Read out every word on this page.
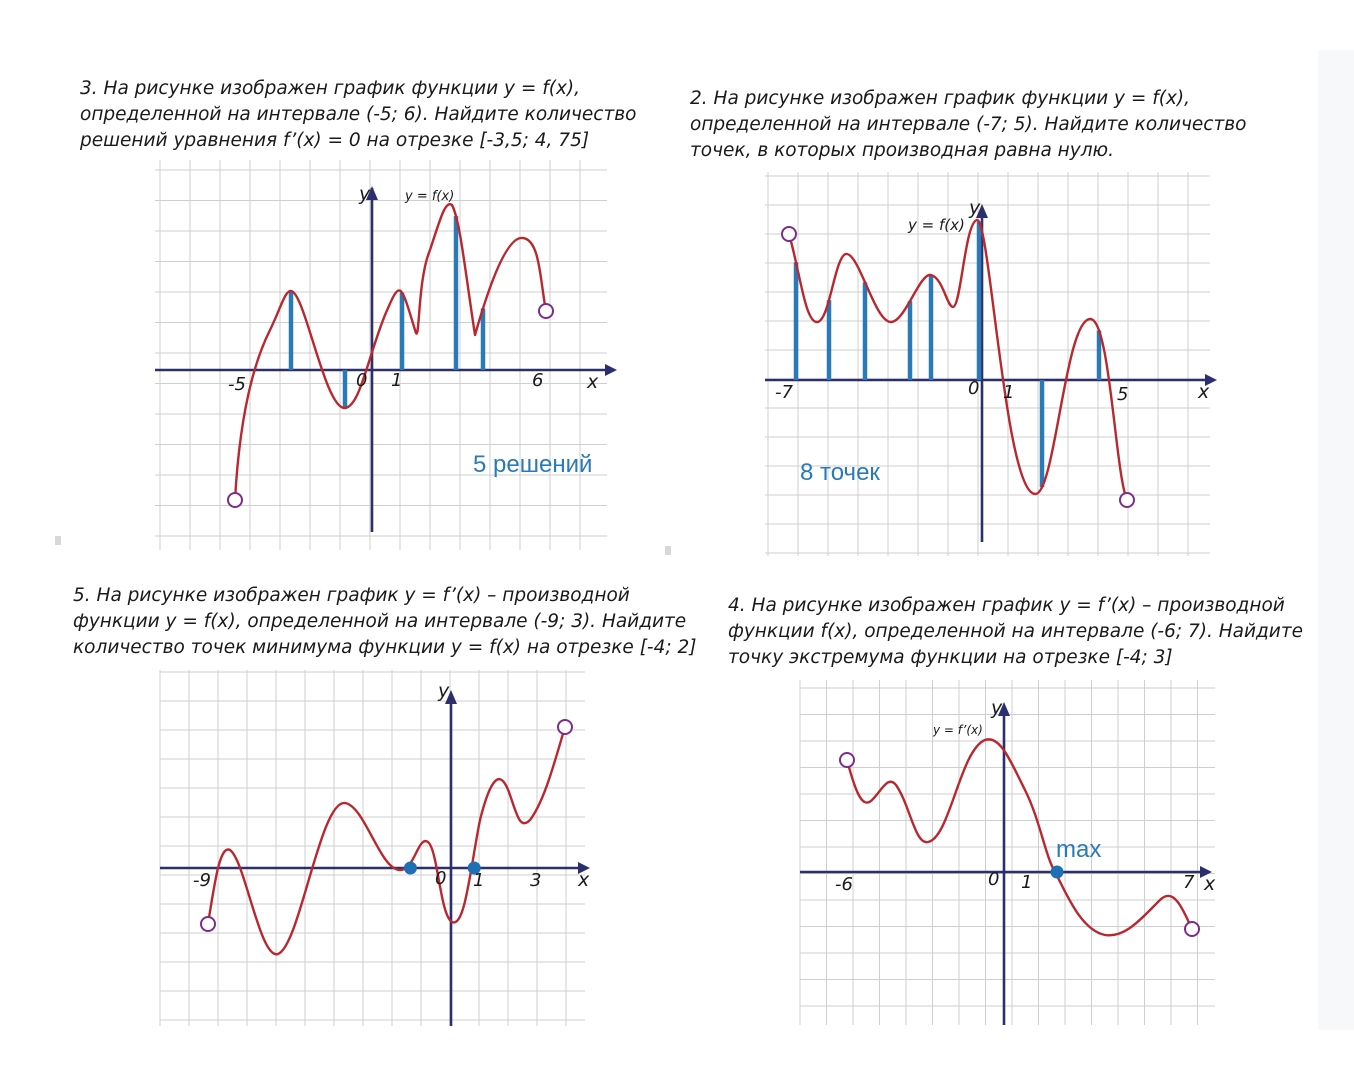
3. На рисунке изображен график функции y = f(x),
определенной на интервале (-5; 6). Найдите количество
решений уравнения f’(x) = 0 на отрезке [-3,5; 4, 75]

-5	0 1	6 x
y	y = f(x)
5 решений

2. На рисунке изображен график функции y = f(x),
определенной на интервале (-7; 5). Найдите количество
точек, в которых производная равна нулю.

-7	0 1	5	x
y
y = f(x)
8 точек

5. На рисунке изображен график y = f’(x) – производной
функции y = f(x), определенной на интервале (-9; 3). Найдите
количество точек минимума функции y = f(x) на отрезке [-4; 2]

-9	0 1	3 x
y

4. На рисунке изображен график y = f’(x) – производной
функции f(x), определенной на интервале (-6; 7). Найдите
точку экстремума функции на отрезке [-4; 3]

-6	0 1	7 x
y
y = f’(x)
max
